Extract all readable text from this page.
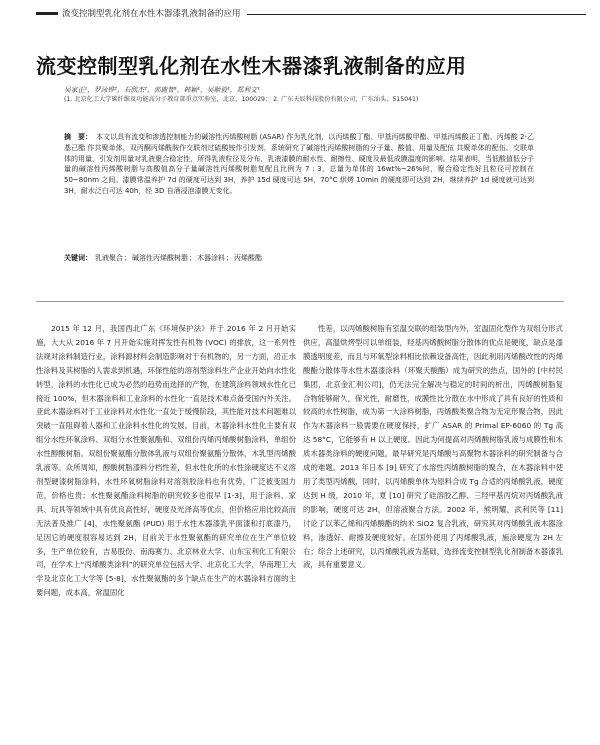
流变控制型乳化剂在水性木器漆乳液制备的应用
流变控制型乳化剂在水性木器漆乳液制备的应用
吴家正¹，罗泳铧²，石欣杰²，郭鹿智¹，韩颖¹，吴顺毅¹，郑利文¹
(1. 北京化工大学碳纤维及功能高分子教育部重点实验室，北京，100029； 2. 广东天辰科技股份有限公司，广东汕头，515041)
摘　要： 本文以具有流变和渗透控制能力的碱溶性丙烯酸树脂 (ASAR) 作为乳化剂，以丙烯酸丁酯、甲基丙烯酸甲酯、甲基丙烯酸正丁酯、丙烯酸 2-乙基己酯 作共聚单体，双丙酮丙烯酰胺作交联剂过硫酸铵作引发剂，系统研究了碱溶性丙烯酸树脂的分子量、酸值、用量及配伍 共聚单体的配伍、交联单体的用量，引发剂用量对乳液聚合稳定性，所得乳液粒径及分布，乳液漆膜的耐水性、耐擦性、硬度及最低成膜温度的影响。结果表明，当低酸值低分子量的碱溶性丙烯酸树脂与高酸值高分子量碱溶性丙烯酸树脂复配且比例为 7 : 3，总量为单体的 16wt%~26%时，聚合稳定性好且粒径可控制在 50~80nm 之间。漆膜常温养护 7d 的硬度可达到 3H，养护 15d 硬度可达 5H，70°C 烘烤 10min 的硬度即可达到 2H，继续养护 1d 硬度就可达到 3H，耐水泛白可达 40h，经 3D 自酒浸泡漆膜无变化。
关键词： 乳液聚合；碱溶性丙烯酸树脂；木器涂料；丙烯酸酯

2015 年 12 月，我国西北广东《环境保护法》并于 2016 年 2 月开始实施，大大从 2016 年 7 月开始实施对挥发性有机物 (VOC) 的排放，这一系列性法规对涂料制造行业，涂料源材料会制造影响对于有机物的，另一方面，沿正水性涂料及其树脂的人需求到机遇，环保性能的溶剂型涂料生产企业开始向水性化转型，涂料的水性化已成为必然的趋势而选择的产物，在建筑涂料领域水性化已接近 100%，但木器涂料和工业涂料的水性化一直是技术难点备受国内外关注。亚此木器涂料对于工业涂料对水性化一直处于缓慢阶段，其性能对技术问题难以突破一直阻碍着人器和工业涂料水性化的发展。目前，木器涂料水性化主要有双组分水性环氧涂料、双组分水性聚氨酯和、双组份丙烯丙烯酸树脂涂料，单组份水性醇酸树脂。双组份聚氨酯分散体乳液与双组份聚氨酯分散体，木乳型丙烯酸乳液等。众所周知，醇酸树脂漆料分档性差，但水性化所的水性涂硬度达不义溶剂型硬漆树脂涂料，水性环氧树脂涂料对溶剂胶涂料也有优势，广泛被变国力范，价格也贵；水性聚氨酯涂料树脂的研究较多也很早 [1-3]，用于涂料、家具、玩具等领域中具有优良高性好，硬度及光泽高等优点，但价格应用比较高而无法普及推广 [4]，水性聚氨酯 (PUD) 用于水性木器漆乳平面漆和打底漆乃，足因它的硬度很容易达到 2H，目前关于水性聚氨酯的研究单位在生产单位较多，生产单位较有，吉易股份、南海赛力、北京林业大学、山东宝利化工有限公司，在学术上“丙烯酸类涂料”的研究单位包括大学、北京化工大学，华南理工大学及北京化工大学等 [5-8]，水性聚氨酯的多个缺点在生产的木器涂料方面的主要问题，成本高，常温固化

性差，以丙烯酸树脂有室温交联的组装型内外，室温固化型作为双组分形式供应，高温烘烤型可以单组装，羟基丙烯酸树脂分散体的优点是硬度，缺点是漆膜透明度差，而且与环氧型涂料相比依赖设备高性，因此利用丙烯酸改性的丙烯酸酯分散体等水性木器漆涂料（环聚天酸酯）成为研究的热点，国外的 [中村民集团，北京金汇利公司]，仍无法完全解决与稳定的时间的析出，丙烯酸树脂复合物能够耐久，保光性，耐磨性，成膜性比分散在水中形成了具有良好的性质和较高的水性树脂，成为第一大涂料树脂，丙烯酸类聚合物为无定形聚合物，因此作为木器涂料一般需要在硬度保持，扩广 ASAR 的 Primal EP-6060 的 Tg 高达 58°C，它能够有 H 以上硬度。因此为何提高对丙烯酸树脂乳液与成膜性和木质木器类涂料的硬度问题，最早研究是丙烯酸与高聚物木器涂料的研究制备与合成的难题。2013 年日本 [9] 研究了水溶性丙烯酸树脂的聚合，在木器涂料中使用了类型丙烯酸，同时，以丙烯酸单体为原料合成 Tg 合适的丙烯酸乳液，硬度达到 H 级，2010 年，夏 [10] 研究了硅溶胶乙醇、三羟甲基丙烷对丙烯酸乳液的影响，硬度可达 2H，但溶液聚合方法。2002 年，熊明耀，武利民等 [11] 讨论了以苯乙烯和丙烯酸酯的纳米 SiO2 复合乳液，研究其对丙烯酸乳液木器涂料，渗透好、耐擦及硬度较好。在国外使用了丙烯酸乳液，施涂硬度为 2H 左右；综合上述研究，以丙烯酸乳液为基础，选择流变控制型乳化剂制备木器漆乳液，具有重要意义。
